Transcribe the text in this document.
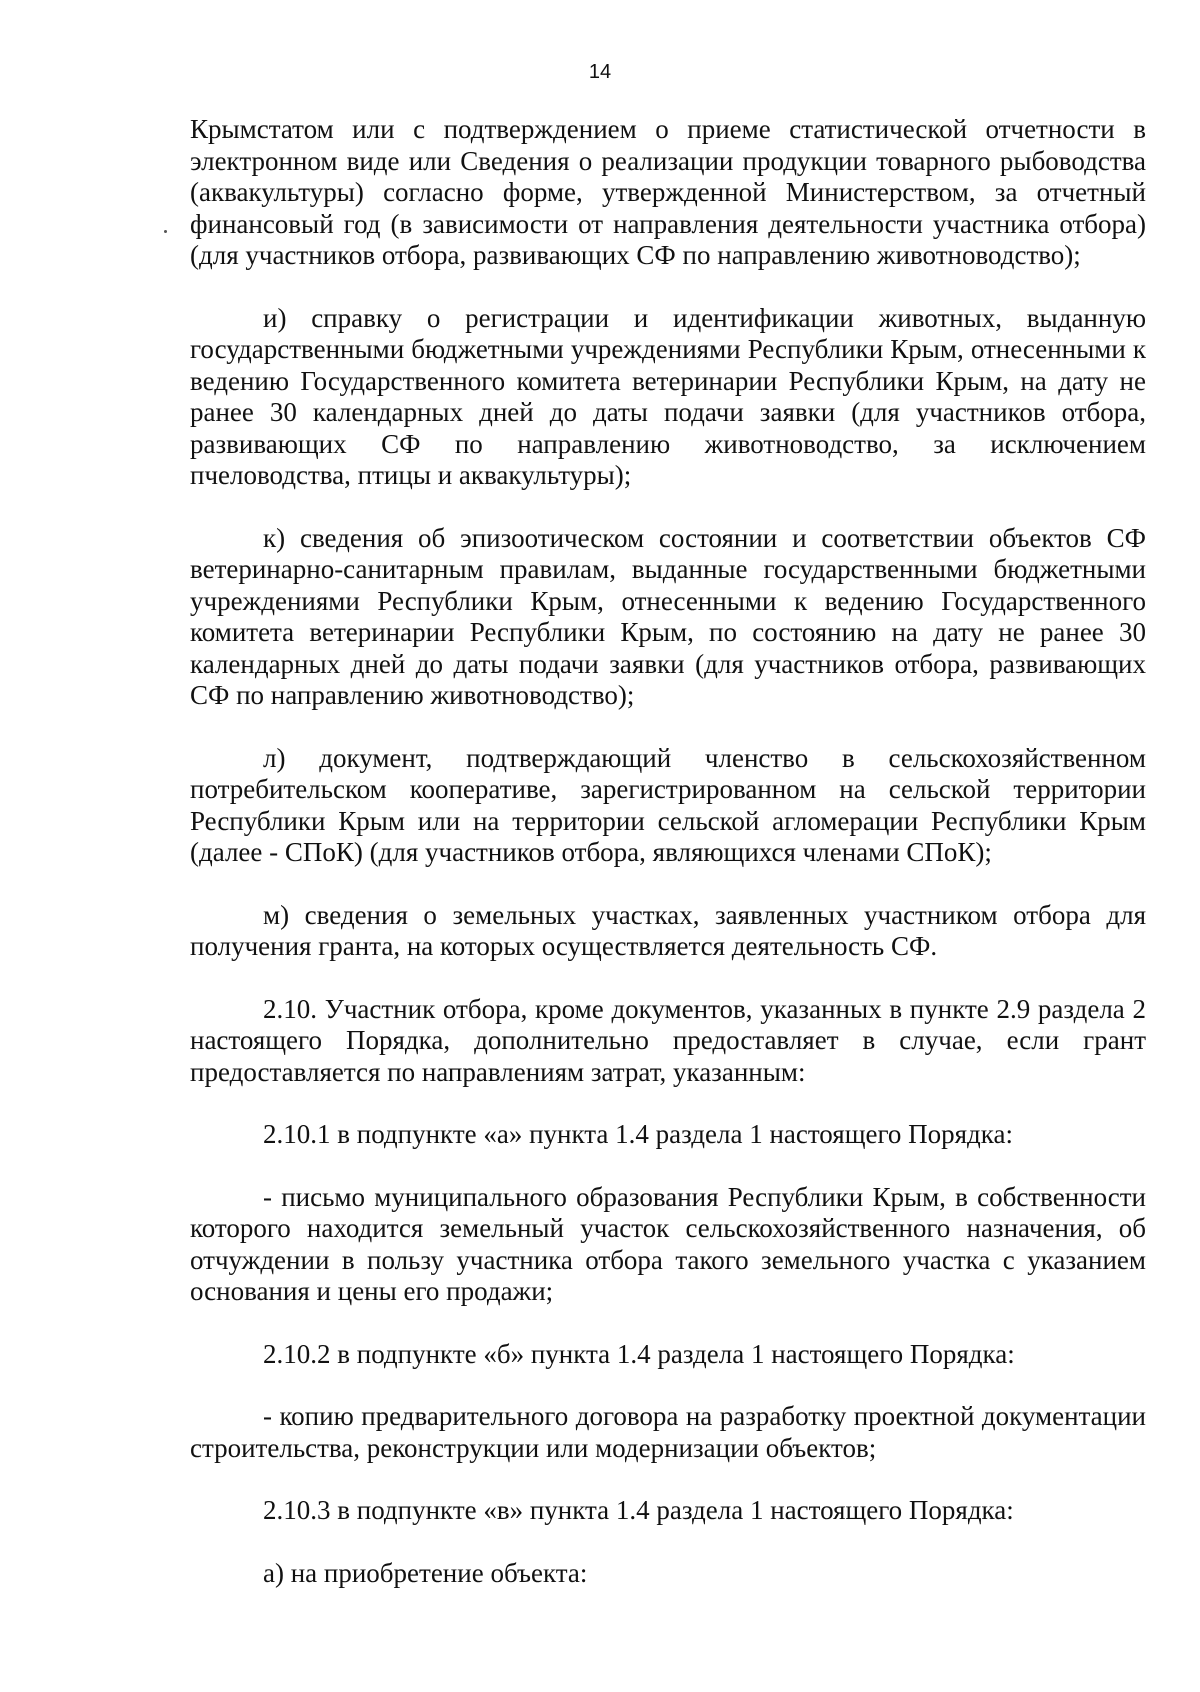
14

Крымстатом или с подтверждением о приеме статистической отчетности в электронном виде или Сведения о реализации продукции товарного рыбоводства (аквакультуры) согласно форме, утвержденной Министерством, за отчетный финансовый год (в зависимости от направления деятельности участника отбора) (для участников отбора, развивающих СФ по направлению животноводство);

и) справку о регистрации и идентификации животных, выданную государственными бюджетными учреждениями Республики Крым, отнесенными к ведению Государственного комитета ветеринарии Республики Крым, на дату не ранее 30 календарных дней до даты подачи заявки (для участников отбора, развивающих СФ по направлению животноводство, за исключением пчеловодства, птицы и аквакультуры);

к) сведения об эпизоотическом состоянии и соответствии объектов СФ ветеринарно-санитарным правилам, выданные государственными бюджетными учреждениями Республики Крым, отнесенными к ведению Государственного комитета ветеринарии Республики Крым, по состоянию на дату не ранее 30 календарных дней до даты подачи заявки (для участников отбора, развивающих СФ по направлению животноводство);

л) документ, подтверждающий членство в сельскохозяйственном потребительском кооперативе, зарегистрированном на сельской территории Республики Крым или на территории сельской агломерации Республики Крым (далее - СПоК) (для участников отбора, являющихся членами СПоК);

м) сведения о земельных участках, заявленных участником отбора для получения гранта, на которых осуществляется деятельность СФ.

2.10. Участник отбора, кроме документов, указанных в пункте 2.9 раздела 2 настоящего Порядка, дополнительно предоставляет в случае, если грант предоставляется по направлениям затрат, указанным:

2.10.1 в подпункте «а» пункта 1.4 раздела 1 настоящего Порядка:

- письмо муниципального образования Республики Крым, в собственности которого находится земельный участок сельскохозяйственного назначения, об отчуждении в пользу участника отбора такого земельного участка с указанием основания и цены его продажи;

2.10.2 в подпункте «б» пункта 1.4 раздела 1 настоящего Порядка:

- копию предварительного договора на разработку проектной документации строительства, реконструкции или модернизации объектов;

2.10.3 в подпункте «в» пункта 1.4 раздела 1 настоящего Порядка:

а) на приобретение объекта:
